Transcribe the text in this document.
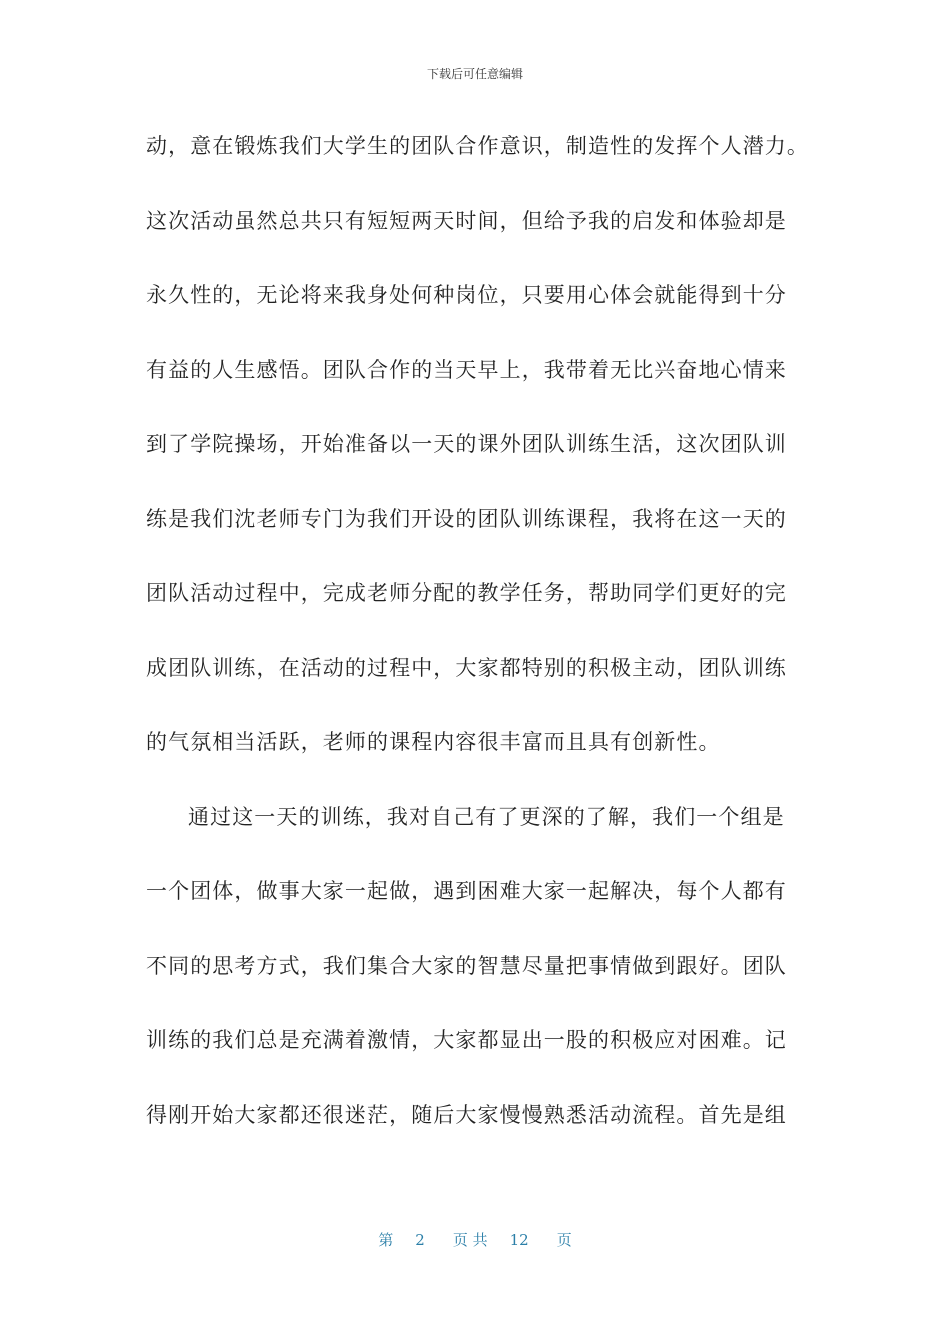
下载后可任意编辑
动，意在锻炼我们大学生的团队合作意识，制造性的发挥个人潜力。
这次活动虽然总共只有短短两天时间，但给予我的启发和体验却是
永久性的，无论将来我身处何种岗位，只要用心体会就能得到十分
有益的人生感悟。团队合作的当天早上，我带着无比兴奋地心情来
到了学院操场，开始准备以一天的课外团队训练生活，这次团队训
练是我们沈老师专门为我们开设的团队训练课程，我将在这一天的
团队活动过程中，完成老师分配的教学任务，帮助同学们更好的完
成团队训练，在活动的过程中，大家都特别的积极主动，团队训练
的气氛相当活跃，老师的课程内容很丰富而且具有创新性。
通过这一天的训练，我对自己有了更深的了解，我们一个组是
一个团体，做事大家一起做，遇到困难大家一起解决，每个人都有
不同的思考方式，我们集合大家的智慧尽量把事情做到跟好。团队
训练的我们总是充满着激情，大家都显出一股的积极应对困难。记
得刚开始大家都还很迷茫，随后大家慢慢熟悉活动流程。首先是组
第 2 页 共 12 页
